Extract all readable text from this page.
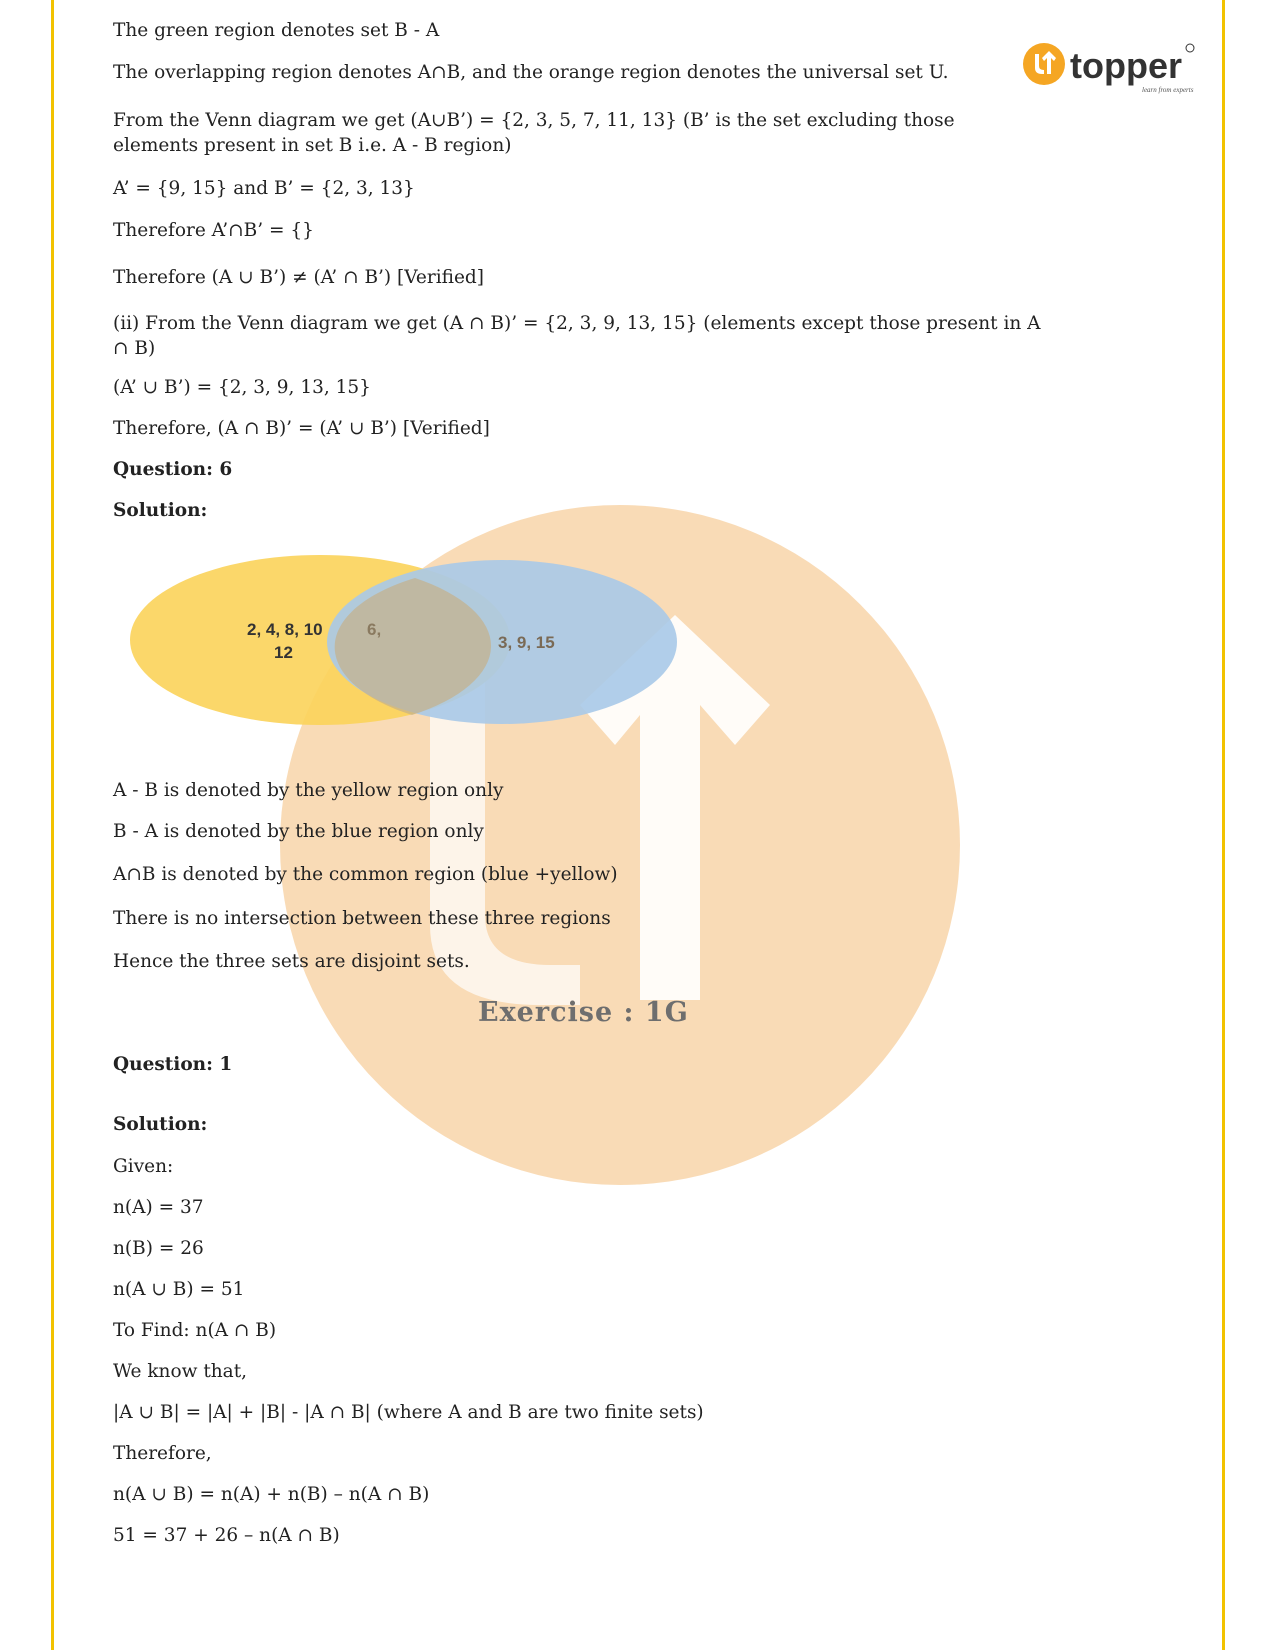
topper
learn from experts

The green region denotes set B - A

The overlapping region denotes A∩B, and the orange region denotes the universal set U.

From the Venn diagram we get (A∪B’) = {2, 3, 5, 7, 11, 13} (B’ is the set excluding those elements present in set B i.e. A - B region)

A’ = {9, 15} and B’ = {2, 3, 13}

Therefore A’∩B’ = {}

Therefore (A ∪ B’) ≠ (A’ ∩ B’) [Verified]

(ii) From the Venn diagram we get (A ∩ B)’ = {2, 3, 9, 13, 15} (elements except those present in A ∩ B)

(A’ ∪ B’) = {2, 3, 9, 13, 15}

Therefore, (A ∩ B)’ = (A’ ∪ B’) [Verified]

Question: 6

Solution:

2, 4, 8, 10
12
6,
3, 9, 15

A - B is denoted by the yellow region only

B - A is denoted by the blue region only

A∩B is denoted by the common region (blue +yellow)

There is no intersection between these three regions

Hence the three sets are disjoint sets.

Exercise : 1G

Question: 1

Solution:

Given:

n(A) = 37

n(B) = 26

n(A ∪ B) = 51

To Find: n(A ∩ B)

We know that,

|A ∪ B| = |A| + |B| - |A ∩ B| (where A and B are two finite sets)

Therefore,

n(A ∪ B) = n(A) + n(B) – n(A ∩ B)

51 = 37 + 26 – n(A ∩ B)
